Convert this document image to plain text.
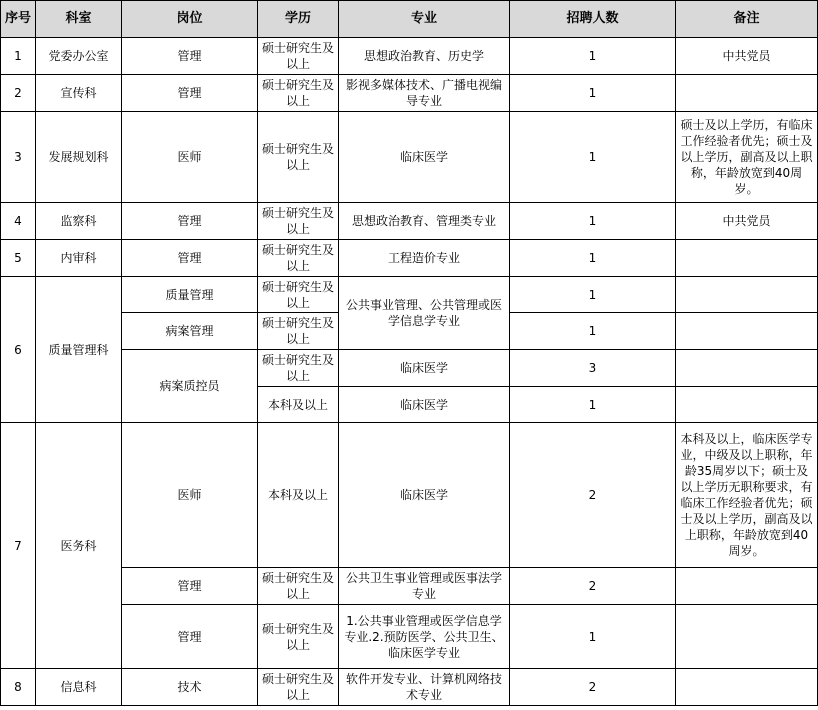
序号	科室	岗位	学历	专业	招聘人数	备注
1	党委办公室	管理	硕士研究生及以上	思想政治教育、历史学	1	中共党员
2	宣传科	管理	硕士研究生及以上	影视多媒体技术、广播电视编导专业	1	
3	发展规划科	医师	硕士研究生及以上	临床医学	1	硕士及以上学历，有临床工作经验者优先；硕士及以上学历，副高及以上职称，年龄放宽到40周岁。
4	监察科	管理	硕士研究生及以上	思想政治教育、管理类专业	1	中共党员
5	内审科	管理	硕士研究生及以上	工程造价专业	1	
6	质量管理科	质量管理	硕士研究生及以上	公共事业管理、公共管理或医学信息学专业	1	
		病案管理	硕士研究生及以上		1	
		病案质控员	硕士研究生及以上	临床医学	3	
			本科及以上	临床医学	1	
7	医务科	医师	本科及以上	临床医学	2	本科及以上，临床医学专业，中级及以上职称，年龄35周岁以下；硕士及以上学历无职称要求，有临床工作经验者优先；硕士及以上学历，副高及以上职称，年龄放宽到40周岁。
		管理	硕士研究生及以上	公共卫生事业管理或医事法学专业	2	
		管理	硕士研究生及以上	1.公共事业管理或医学信息学专业.2.预防医学、公共卫生、临床医学专业	1	
8	信息科	技术	硕士研究生及以上	软件开发专业、计算机网络技术专业	2	
